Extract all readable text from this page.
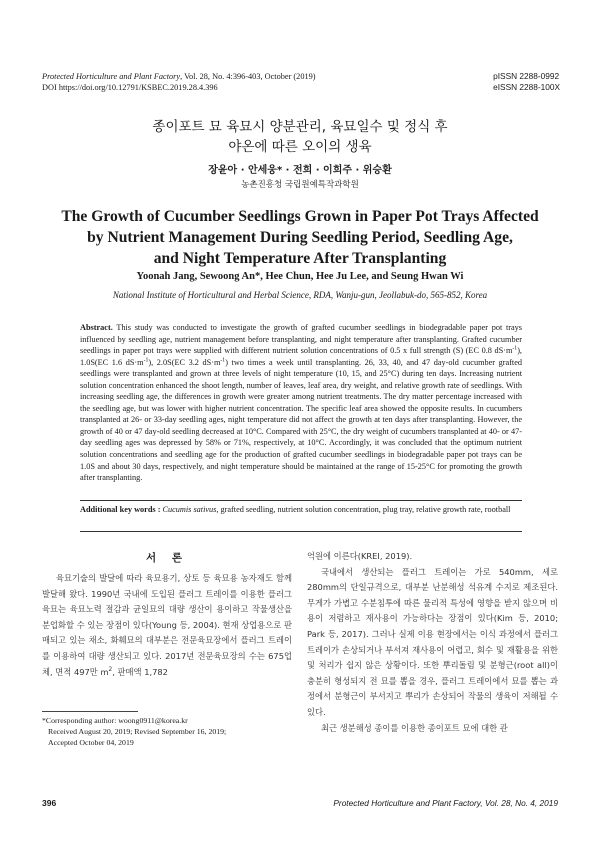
Protected Horticulture and Plant Factory, Vol. 28, No. 4:396-403, October (2019)
DOI https://doi.org/10.12791/KSBEC.2019.28.4.396
pISSN 2288-0992
eISSN 2288-100X
종이포트 묘 육묘시 양분관리, 육묘일수 및 정식 후
야온에 따른 오이의 생육
장윤아 · 안세웅* · 전희 · 이희주 · 위승환
농촌진흥청 국립원예특작과학원
The Growth of Cucumber Seedlings Grown in Paper Pot Trays Affected
by Nutrient Management During Seedling Period, Seedling Age,
and Night Temperature After Transplanting
Yoonah Jang, Sewoong An*, Hee Chun, Hee Ju Lee, and Seung Hwan Wi
National Institute of Horticultural and Herbal Science, RDA, Wanju-gun, Jeollabuk-do, 565-852, Korea
Abstract. This study was conducted to investigate the growth of grafted cucumber seedlings in biodegradable paper pot trays influenced by seedling age, nutrient management before transplanting, and night temperature after transplanting. Grafted cucumber seedlings in paper pot trays were supplied with different nutrient solution concentrations of 0.5 x full strength (S) (EC 0.8 $dS\cdot m^{-1}$), 1.0S(EC 1.6 $dS\cdot m^{-1}$), 2.0S(EC 3.2 $dS\cdot m^{-1}$) two times a week until transplanting. 26, 33, 40, and 47 day-old cucumber grafted seedlings were transplanted and grown at three levels of night temperature (10, 15, and 25°C) during ten days. Increasing nutrient solution concentration enhanced the shoot length, number of leaves, leaf area, dry weight, and relative growth rate of seedlings. With increasing seedling age, the differences in growth were greater among nutrient treatments. The dry matter percentage increased with the seedling age, but was lower with higher nutrient concentration. The specific leaf area showed the opposite results. In cucumbers transplanted at 26- or 33-day seedling ages, night temperature did not affect the growth at ten days after transplanting. However, the growth of 40 or 47 day-old seedling decreased at 10°C. Compared with 25°C, the dry weight of cucumbers transplanted at 40- or 47-day seedling ages was depressed by 58% or 71%, respectively, at 10°C. Accordingly, it was concluded that the optimum nutrient solution concentrations and seedling age for the production of grafted cucumber seedlings in biodegradable paper pot trays can be 1.0S and about 30 days, respectively, and night temperature should be maintained at the range of 15-25°C for promoting the growth after transplanting.
Additional key words : Cucumis sativus, grafted seedling, nutrient solution concentration, plug tray, relative growth rate, rootball
서 론

육묘기술의 발달에 따라 육묘용기, 상토 등 육묘용 농자재도 함께 발달해 왔다. 1990년 국내에 도입된 플러그 트레이를 이용한 플러그 육묘는 육묘노력 절감과 균일묘의 대량 생산이 용이하고 작물생산을 분업화할 수 있는 장점이 있다(Young 등, 2004). 현재 상업용으로 판매되고 있는 채소, 화훼묘의 대부분은 전문육묘장에서 플러그 트레이를 이용하여 대량 생산되고 있다. 2017년 전문육묘장의 수는 675업체, 면적 497만 $m^2$, 판매액 1,782

*Corresponding author: woong0911@korea.kr
Received August 20, 2019; Revised September 16, 2019;
Accepted October 04, 2019

억원에 이른다(KREI, 2019).

국내에서 생산되는 플러그 트레이는 가로 540mm, 세로 280mm의 단일규격으로, 대부분 난분해성 석유계 수지로 제조된다. 무게가 가볍고 수분침투에 따른 물리적 특성에 영향을 받지 않으며 비용이 저렴하고 재사용이 가능하다는 장점이 있다(Kim 등, 2010; Park 등, 2017). 그러나 실제 이용 현장에서는 이식 과정에서 플러그 트레이가 손상되거나 부서져 재사용이 어렵고, 회수 및 재활용을 위한 및 처리가 쉽지 않은 상황이다. 또한 뿌리돌림 및 분형근(root all)이 충분히 형성되지 전 묘를 뽑을 경우, 플러그 트레이에서 묘를 뽑는 과정에서 분형근이 부서지고 뿌리가 손상되어 작물의 생육이 저해될 수 있다.

최근 생분해성 종이를 이용한 종이포트 묘에 대한 관

396	Protected Horticulture and Plant Factory, Vol. 28, No. 4, 2019
